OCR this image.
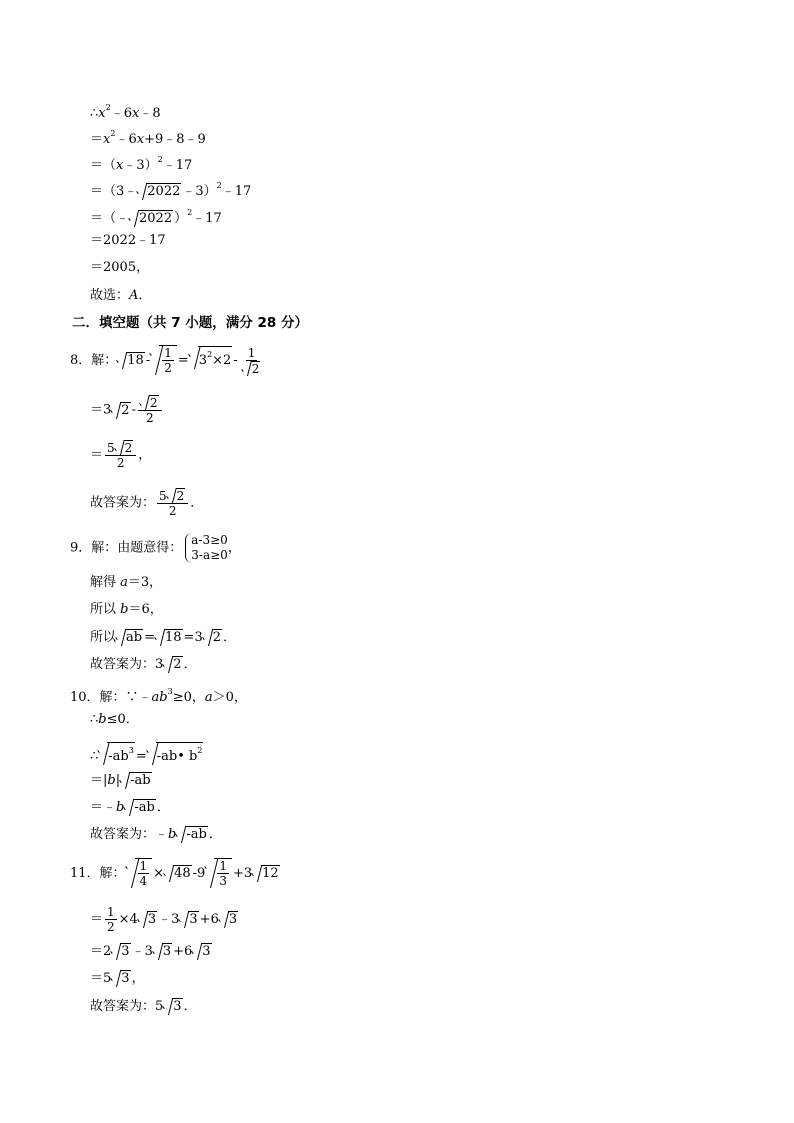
$\therefore x^2﹣6x﹣8$
$=x^2﹣6x+9﹣8﹣9$
＝（x﹣3）$^2$﹣17
＝（3﹣ 2022 ﹣3）$^2$﹣17
＝（﹣ 2022 ）$^2$﹣17
＝2022﹣17
＝2005，
故选：A．
二．填空题（共 7 小题，满分 28 分）
8．解： $18 - \frac{1}{2} = 3^2\times 2 - \frac{1}{2}$
＝3 $2 - \frac{2}{2}$
＝ $\frac{5 2}{2}$ ，
故答案为： $\frac{5 2}{2}$ ．
9．解：由题意得：
a-3≥0
3-a≥0 ，
解得 a＝3，
所以 b＝6，
所以 ab = 18 =3 2 ．
故答案为：3 2 ．
10．解：$\because﹣ab^3\ge 0$，a＞0，
∴b≤0．
∴ $-ab^3$ = -ab• $b^2$
＝|b| -ab
＝﹣b -ab ．
故答案为：﹣b -ab ．
11．解： $\frac{1}{4} \times 48$ $-9 \frac{1}{3} +3$ 12
＝ $\frac{1}{2} \times 4$ 3 ﹣3 3 +6 3
＝2 3 ﹣3 3 +6 3
＝5 3 ，
故答案为：5 3 ．
